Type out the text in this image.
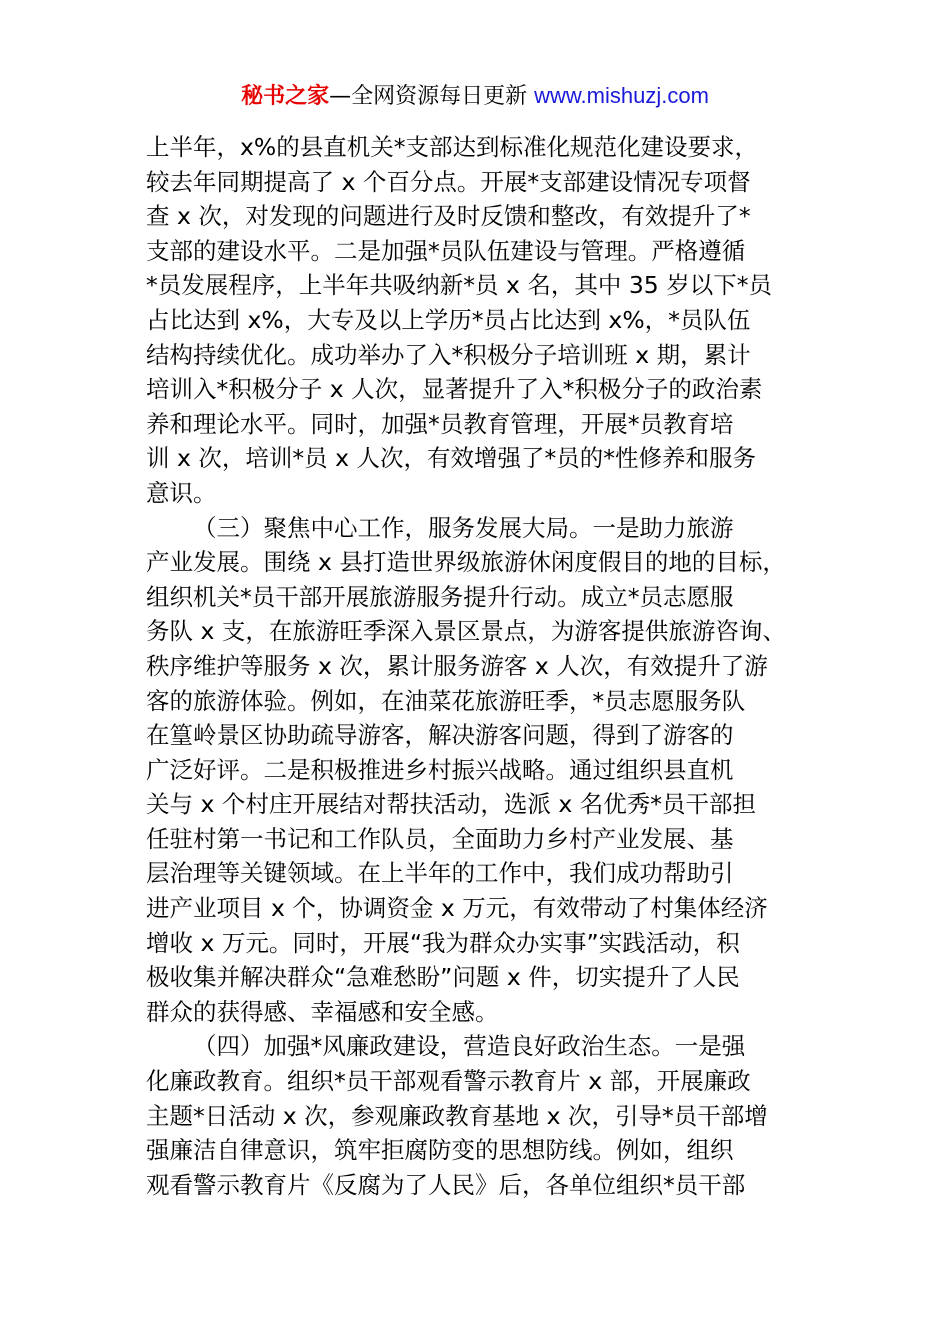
秘书之家—全网资源每日更新 www.mishuzj.com
上半年，x%的县直机关*支部达到标准化规范化建设要求，
较去年同期提高了 x 个百分点。开展*支部建设情况专项督
查 x 次，对发现的问题进行及时反馈和整改，有效提升了*
支部的建设水平。二是加强*员队伍建设与管理。严格遵循
*员发展程序，上半年共吸纳新*员 x 名，其中 35 岁以下*员
占比达到 x%，大专及以上学历*员占比达到 x%，*员队伍
结构持续优化。成功举办了入*积极分子培训班 x 期，累计
培训入*积极分子 x 人次，显著提升了入*积极分子的政治素
养和理论水平。同时，加强*员教育管理，开展*员教育培
训 x 次，培训*员 x 人次，有效增强了*员的*性修养和服务
意识。
（三）聚焦中心工作，服务发展大局。一是助力旅游
产业发展。围绕 x 县打造世界级旅游休闲度假目的地的目标，
组织机关*员干部开展旅游服务提升行动。成立*员志愿服
务队 x 支，在旅游旺季深入景区景点，为游客提供旅游咨询、
秩序维护等服务 x 次，累计服务游客 x 人次，有效提升了游
客的旅游体验。例如，在油菜花旅游旺季，*员志愿服务队
在篁岭景区协助疏导游客，解决游客问题，得到了游客的
广泛好评。二是积极推进乡村振兴战略。通过组织县直机
关与 x 个村庄开展结对帮扶活动，选派 x 名优秀*员干部担
任驻村第一书记和工作队员，全面助力乡村产业发展、基
层治理等关键领域。在上半年的工作中，我们成功帮助引
进产业项目 x 个，协调资金 x 万元，有效带动了村集体经济
增收 x 万元。同时，开展“我为群众办实事”实践活动，积
极收集并解决群众“急难愁盼”问题 x 件，切实提升了人民
群众的获得感、幸福感和安全感。
（四）加强*风廉政建设，营造良好政治生态。一是强
化廉政教育。组织*员干部观看警示教育片 x 部，开展廉政
主题*日活动 x 次，参观廉政教育基地 x 次，引导*员干部增
强廉洁自律意识，筑牢拒腐防变的思想防线。例如，组织
观看警示教育片《反腐为了人民》后，各单位组织*员干部
